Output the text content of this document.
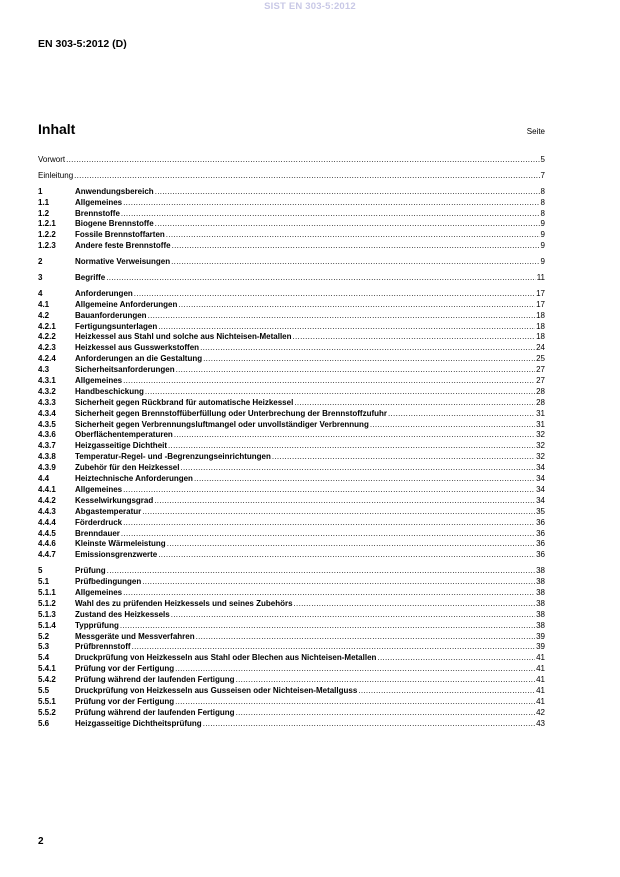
SIST EN 303-5:2012
EN 303-5:2012 (D)
Inhalt	Seite
Vorwort .....	5
Einleitung .....	7
1	Anwendungsbereich .....	8
1.1	Allgemeines .....	8
1.2	Brennstoffe .....	8
1.2.1	Biogene Brennstoffe .....	9
1.2.2	Fossile Brennstoffarten .....	9
1.2.3	Andere feste Brennstoffe .....	9
2	Normative Verweisungen .....	9
3	Begriffe .....	11
4	Anforderungen .....	17
4.1	Allgemeine Anforderungen .....	17
4.2	Bauanforderungen .....	18
4.2.1	Fertigungsunterlagen .....	18
4.2.2	Heizkessel aus Stahl und solche aus Nichteisen-Metallen .....	18
4.2.3	Heizkessel aus Gusswerkstoffen .....	24
4.2.4	Anforderungen an die Gestaltung .....	25
4.3	Sicherheitsanforderungen .....	27
4.3.1	Allgemeines .....	27
4.3.2	Handbeschickung .....	28
4.3.3	Sicherheit gegen Rückbrand für automatische Heizkessel .....	28
4.3.4	Sicherheit gegen Brennstoffüberfüllung oder Unterbrechung der Brennstoffzufuhr .....	31
4.3.5	Sicherheit gegen Verbrennungsluftmangel oder unvollständiger Verbrennung .....	31
4.3.6	Oberflächentemperaturen .....	32
4.3.7	Heizgasseitige Dichtheit .....	32
4.3.8	Temperatur-Regel- und -Begrenzungseinrichtungen .....	32
4.3.9	Zubehör für den Heizkessel .....	34
4.4	Heiztechnische Anforderungen .....	34
4.4.1	Allgemeines .....	34
4.4.2	Kesselwirkungsgrad .....	34
4.4.3	Abgastemperatur .....	35
4.4.4	Förderdruck .....	36
4.4.5	Brenndauer .....	36
4.4.6	Kleinste Wärmeleistung .....	36
4.4.7	Emissionsgrenzwerte .....	36
5	Prüfung .....	38
5.1	Prüfbedingungen .....	38
5.1.1	Allgemeines .....	38
5.1.2	Wahl des zu prüfenden Heizkessels und seines Zubehörs .....	38
5.1.3	Zustand des Heizkessels .....	38
5.1.4	Typprüfung .....	38
5.2	Messgeräte und Messverfahren .....	39
5.3	Prüfbrennstoff .....	39
5.4	Druckprüfung von Heizkesseln aus Stahl oder Blechen aus Nichteisen-Metallen .....	41
5.4.1	Prüfung vor der Fertigung .....	41
5.4.2	Prüfung während der laufenden Fertigung .....	41
5.5	Druckprüfung von Heizkesseln aus Gusseisen oder Nichteisen-Metallguss .....	41
5.5.1	Prüfung vor der Fertigung .....	41
5.5.2	Prüfung während der laufenden Fertigung .....	42
5.6	Heizgasseitige Dichtheitsprüfung .....	43
2
